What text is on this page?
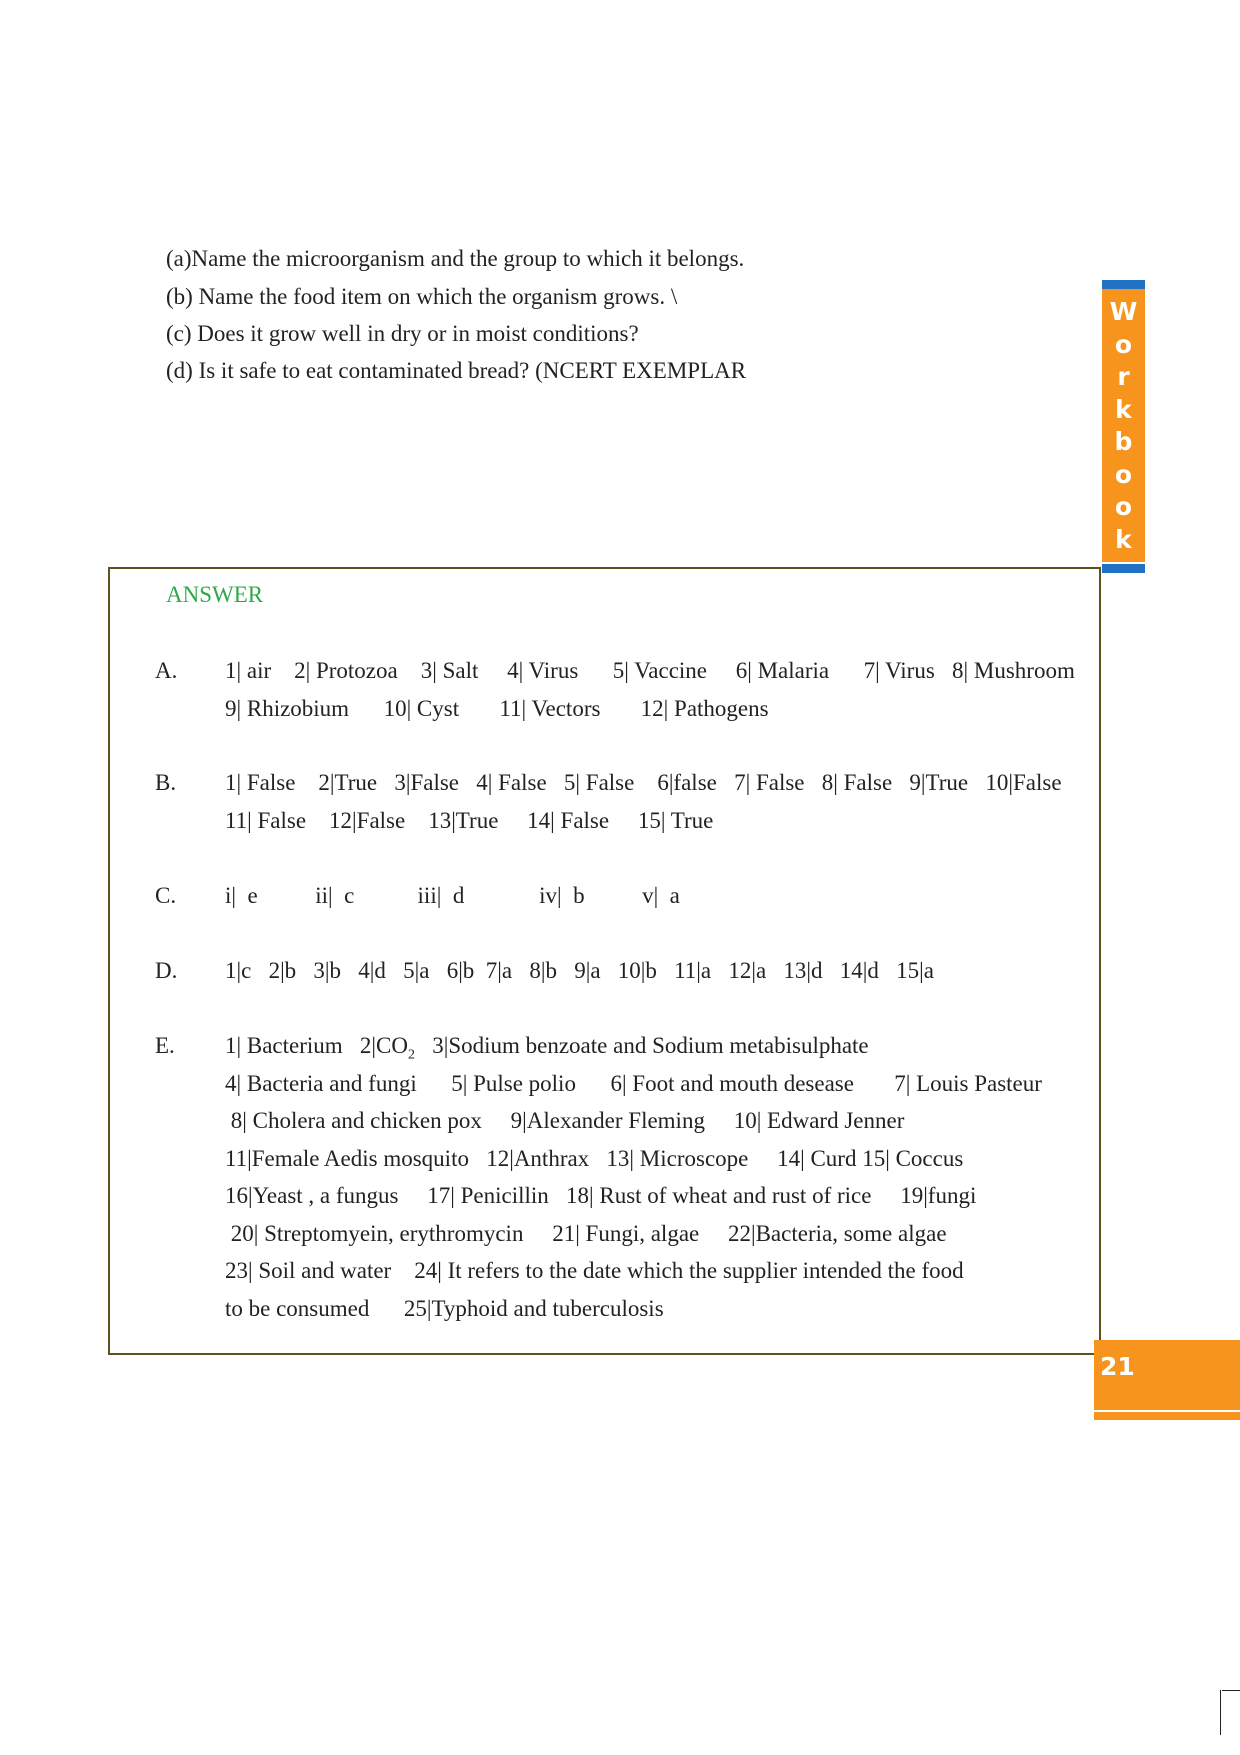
(a)Name the microorganism and the group to which it belongs.
(b) Name the food item on which the organism grows. \
(c) Does it grow well in dry or in moist conditions?
(d) Is it safe to eat contaminated bread? (NCERT EXEMPLAR
W
o
r
k
b
o
o
k
ANSWER
A. 1| air    2| Protozoa    3| Salt     4| Virus      5| Vaccine     6| Malaria      7| Virus   8| Mushroom
9| Rhizobium      10| Cyst       11| Vectors       12| Pathogens
B. 1| False    2|True   3|False   4| False   5| False    6|false   7| False   8| False   9|True   10|False
11| False    12|False    13|True     14| False     15| True
C. i|  e          ii|  c           iii|  d             iv|  b          v|  a
D. 1|c   2|b   3|b   4|d   5|a   6|b  7|a   8|b   9|a   10|b   11|a   12|a   13|d   14|d   15|a
E. 1| Bacterium   $2|CO_2$   3|Sodium benzoate and Sodium metabisulphate
4| Bacteria and fungi      5| Pulse polio      6| Foot and mouth desease       7| Louis Pasteur
8| Cholera and chicken pox     9|Alexander Fleming     10| Edward Jenner
11|Female Aedis mosquito   12|Anthrax   13| Microscope     14| Curd 15| Coccus
16|Yeast , a fungus     17| Penicillin   18| Rust of wheat and rust of rice     19|fungi
20| Streptomyein, erythromycin     21| Fungi, algae     22|Bacteria, some algae
23| Soil and water    24| It refers to the date which the supplier intended the food
to be consumed      25|Typhoid and tuberculosis
21
